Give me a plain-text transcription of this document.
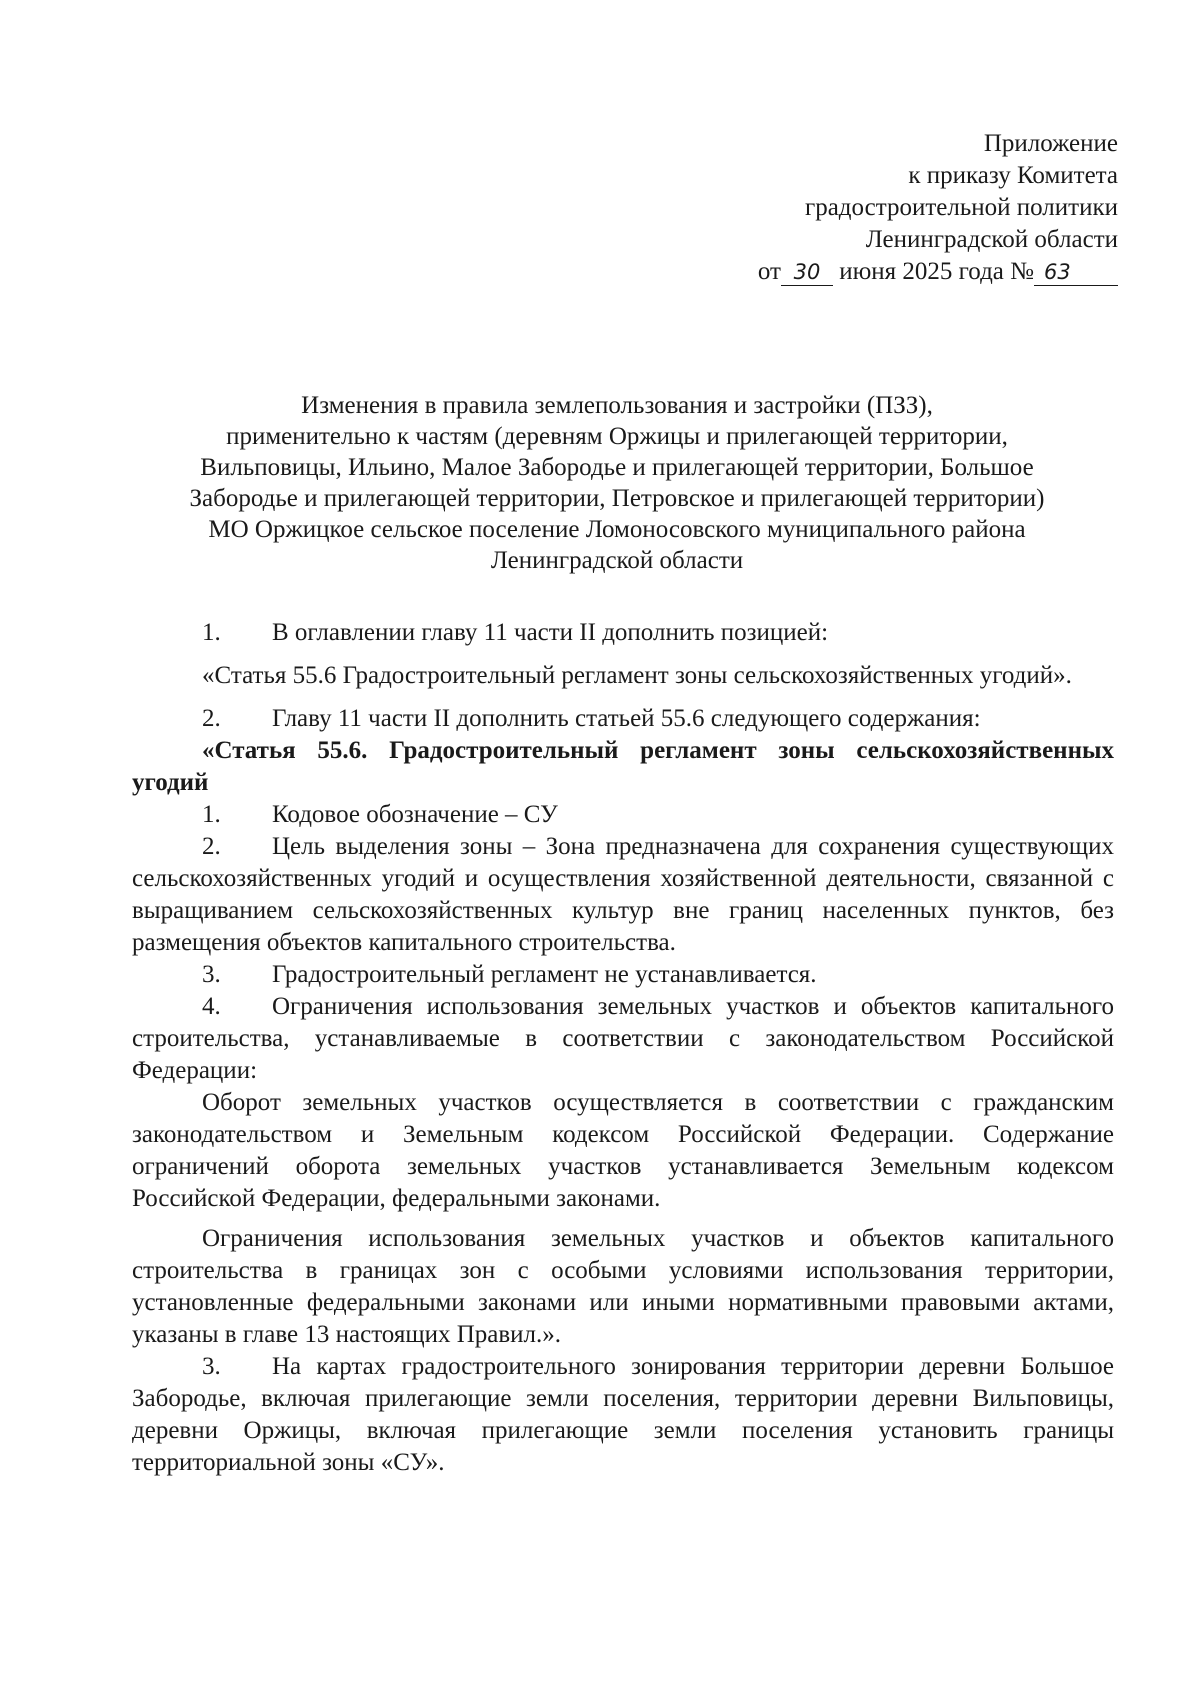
Приложение
к приказу Комитета
градостроительной политики
Ленинградской области
от 30 июня 2025 года № 63
Изменения в правила землепользования и застройки (ПЗЗ),
применительно к частям (деревням Оржицы и прилегающей территории,
Вильповицы, Ильино, Малое Забородье и прилегающей территории, Большое
Забородье и прилегающей территории, Петровское и прилегающей территории)
МО Оржицкое сельское поселение Ломоносовского муниципального района
Ленинградской области

1. В оглавлении главу 11 части II дополнить позицией:

«Статья 55.6 Градостроительный регламент зоны сельскохозяйственных угодий».

2. Главу 11 части II дополнить статьей 55.6 следующего содержания:

«Статья 55.6. Градостроительный регламент зоны сельскохозяйственных угодий

1. Кодовое обозначение – СУ

2. Цель выделения зоны – Зона предназначена для сохранения существующих сельскохозяйственных угодий и осуществления хозяйственной деятельности, связанной с выращиванием сельскохозяйственных культур вне границ населенных пунктов, без размещения объектов капитального строительства.

3. Градостроительный регламент не устанавливается.

4. Ограничения использования земельных участков и объектов капитального строительства, устанавливаемые в соответствии с законодательством Российской Федерации:

Оборот земельных участков осуществляется в соответствии с гражданским законодательством и Земельным кодексом Российской Федерации. Содержание ограничений оборота земельных участков устанавливается Земельным кодексом Российской Федерации, федеральными законами.

Ограничения использования земельных участков и объектов капитального строительства в границах зон с особыми условиями использования территории, установленные федеральными законами или иными нормативными правовыми актами, указаны в главе 13 настоящих Правил.».

3. На картах градостроительного зонирования территории деревни Большое Забородье, включая прилегающие земли поселения, территории деревни Вильповицы, деревни Оржицы, включая прилегающие земли поселения установить границы территориальной зоны «СУ».
